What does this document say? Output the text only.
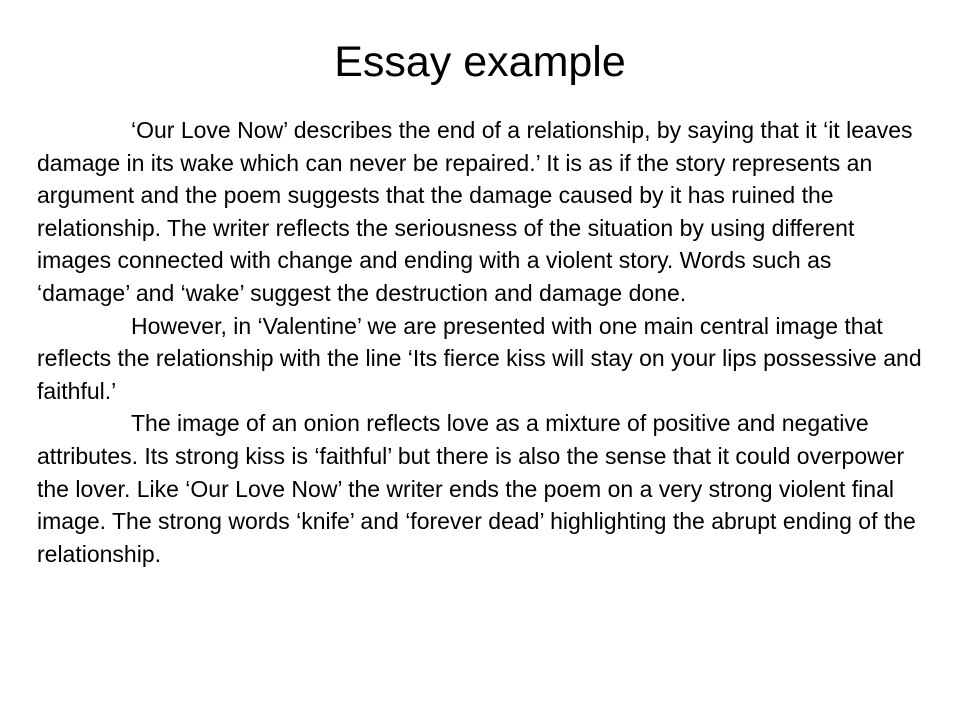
Essay example

‘Our Love Now’ describes the end of a relationship, by saying that it ‘it leaves damage in its wake which can never be repaired.’ It is as if the story represents an argument and the poem suggests that the damage caused by it has ruined the relationship. The writer reflects the seriousness of the situation by using different images connected with change and ending with a violent story. Words such as ‘damage’ and ‘wake’ suggest the destruction and damage done.

However, in ‘Valentine’ we are presented with one main central image that reflects the relationship with the line ‘Its fierce kiss will stay on your lips possessive and faithful.’

The image of an onion reflects love as a mixture of positive and negative attributes. Its strong kiss is ‘faithful’ but there is also the sense that it could overpower the lover. Like ‘Our Love Now’ the writer ends the poem on a very strong violent final image. The strong words ‘knife’ and ‘forever dead’ highlighting the abrupt ending of the relationship.
